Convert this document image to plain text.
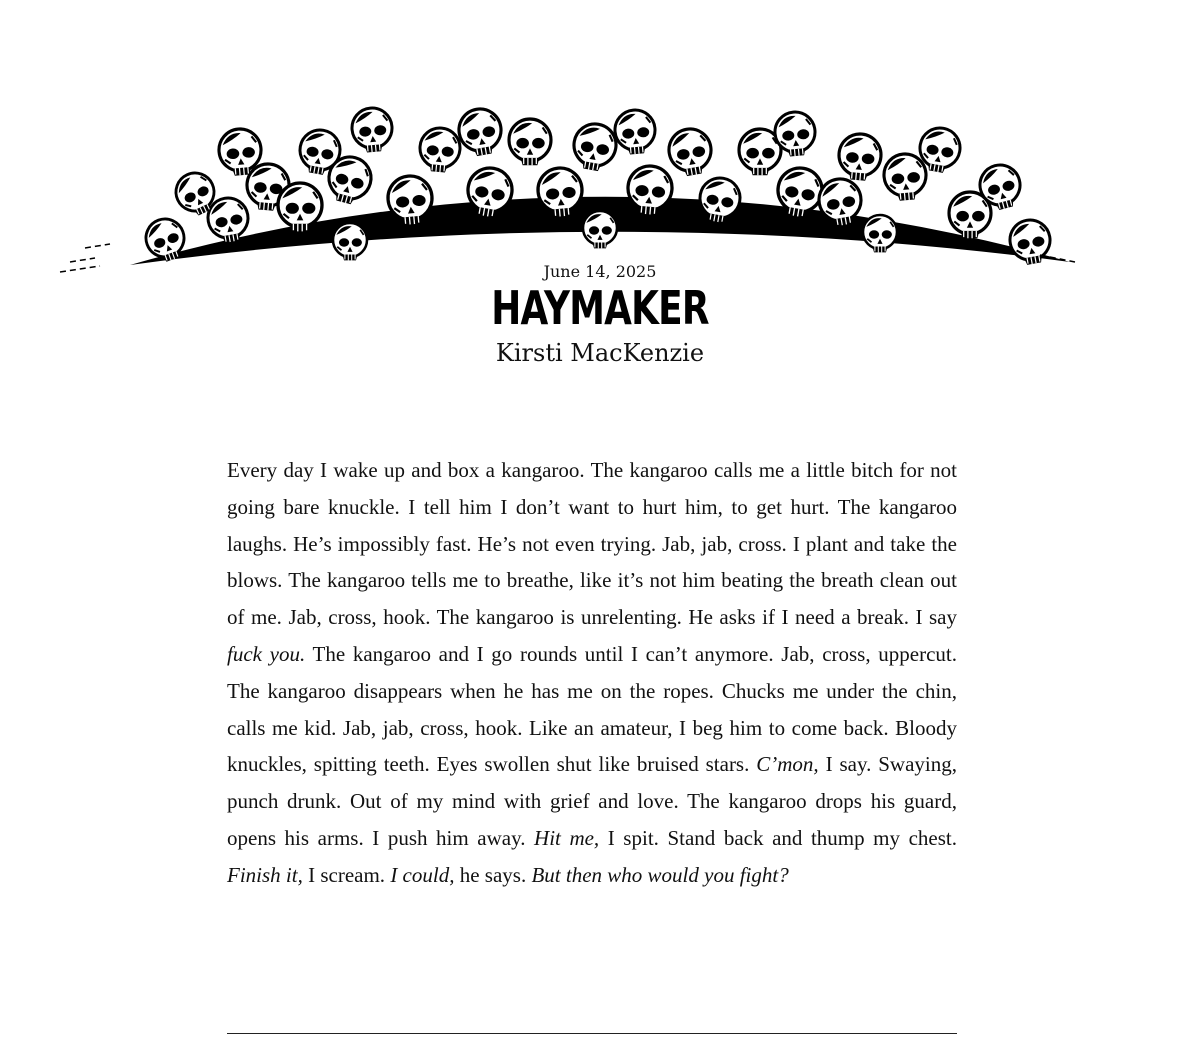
June 14, 2025
HAYMAKER
Kirsti MacKenzie
Every day I wake up and box a kangaroo. The kangaroo calls me a little bitch for not going bare knuckle. I tell him I don’t want to hurt him, to get hurt. The kangaroo laughs. He’s impossibly fast. He’s not even trying. Jab, jab, cross. I plant and take the blows. The kangaroo tells me to breathe, like it’s not him beating the breath clean out of me. Jab, cross, hook. The kangaroo is unrelenting. He asks if I need a break. I say fuck you. The kangaroo and I go rounds until I can’t anymore. Jab, cross, uppercut. The kangaroo disappears when he has me on the ropes. Chucks me under the chin, calls me kid. Jab, jab, cross, hook. Like an amateur, I beg him to come back. Bloody knuckles, spitting teeth. Eyes swollen shut like bruised stars. C’mon, I say. Swaying, punch drunk. Out of my mind with grief and love. The kangaroo drops his guard, opens his arms. I push him away. Hit me, I spit. Stand back and thump my chest. Finish it, I scream. I could, he says. But then who would you fight?
